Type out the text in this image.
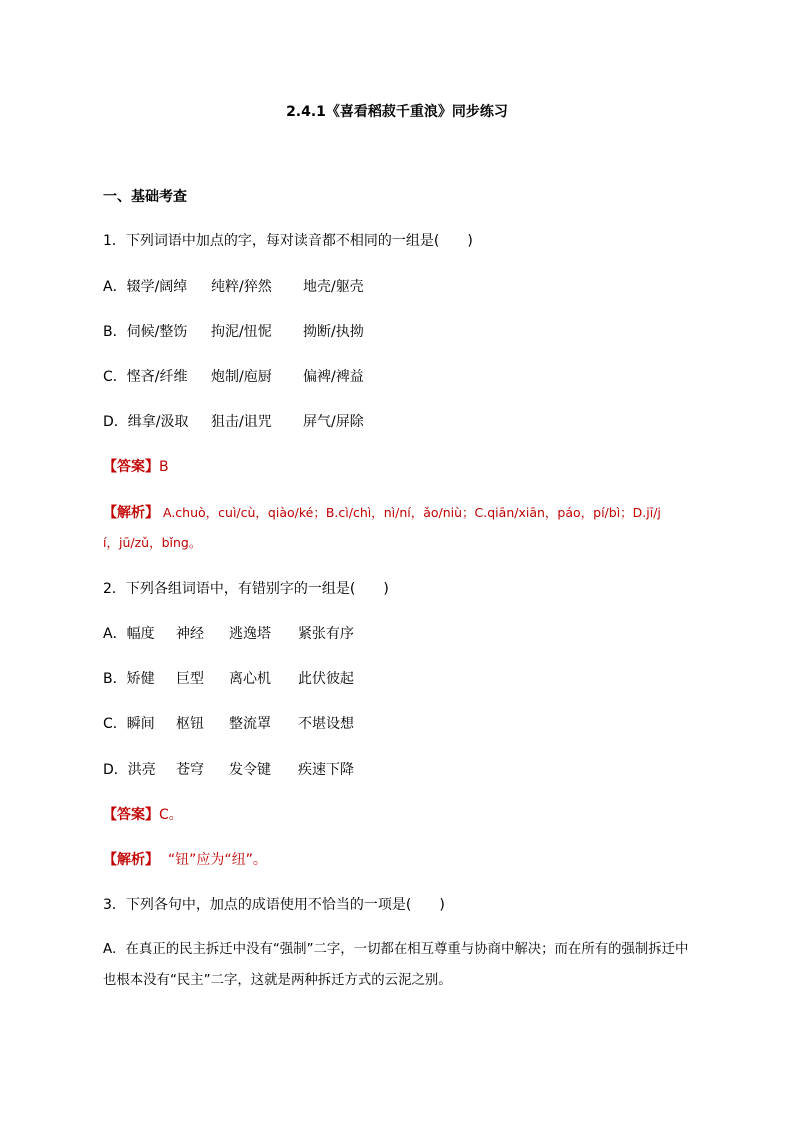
2.4.1《喜看稻菽千重浪》同步练习
一、基础考查
1．下列词语中加点的字，每对读音都不相同的一组是(　　)
A．辍学/阔绰 纯粹/猝然 地壳/躯壳
B．伺候/整饬 拘泥/忸怩 拗断/执拗
C．悭吝/纤维 炮制/庖厨 偏裨/裨益
D．缉拿/汲取 狙击/诅咒 屏气/屏除
【答案】B
【解析】 A.chuò，cuì/cù，qiào/ké；B.cì/chì，nì/ní，ǎo/niù；C.qiān/xiān，páo，pí/bì；D.jī/j
í，jū/zǔ，bǐng。
2．下列各组词语中，有错别字的一组是(　　)
A．幅度 神经 逃逸塔 紧张有序
B．矫健 巨型 离心机 此伏彼起
C．瞬间 枢钮 整流罩 不堪设想
D．洪亮 苍穹 发令键 疾速下降
【答案】C。
【解析】 “钮”应为“纽”。
3．下列各句中，加点的成语使用不恰当的一项是(　　)
A．在真正的民主拆迁中没有“强制”二字，一切都在相互尊重与协商中解决；而在所有的强制拆迁中
也根本没有“民主”二字，这就是两种拆迁方式的云泥之别。
